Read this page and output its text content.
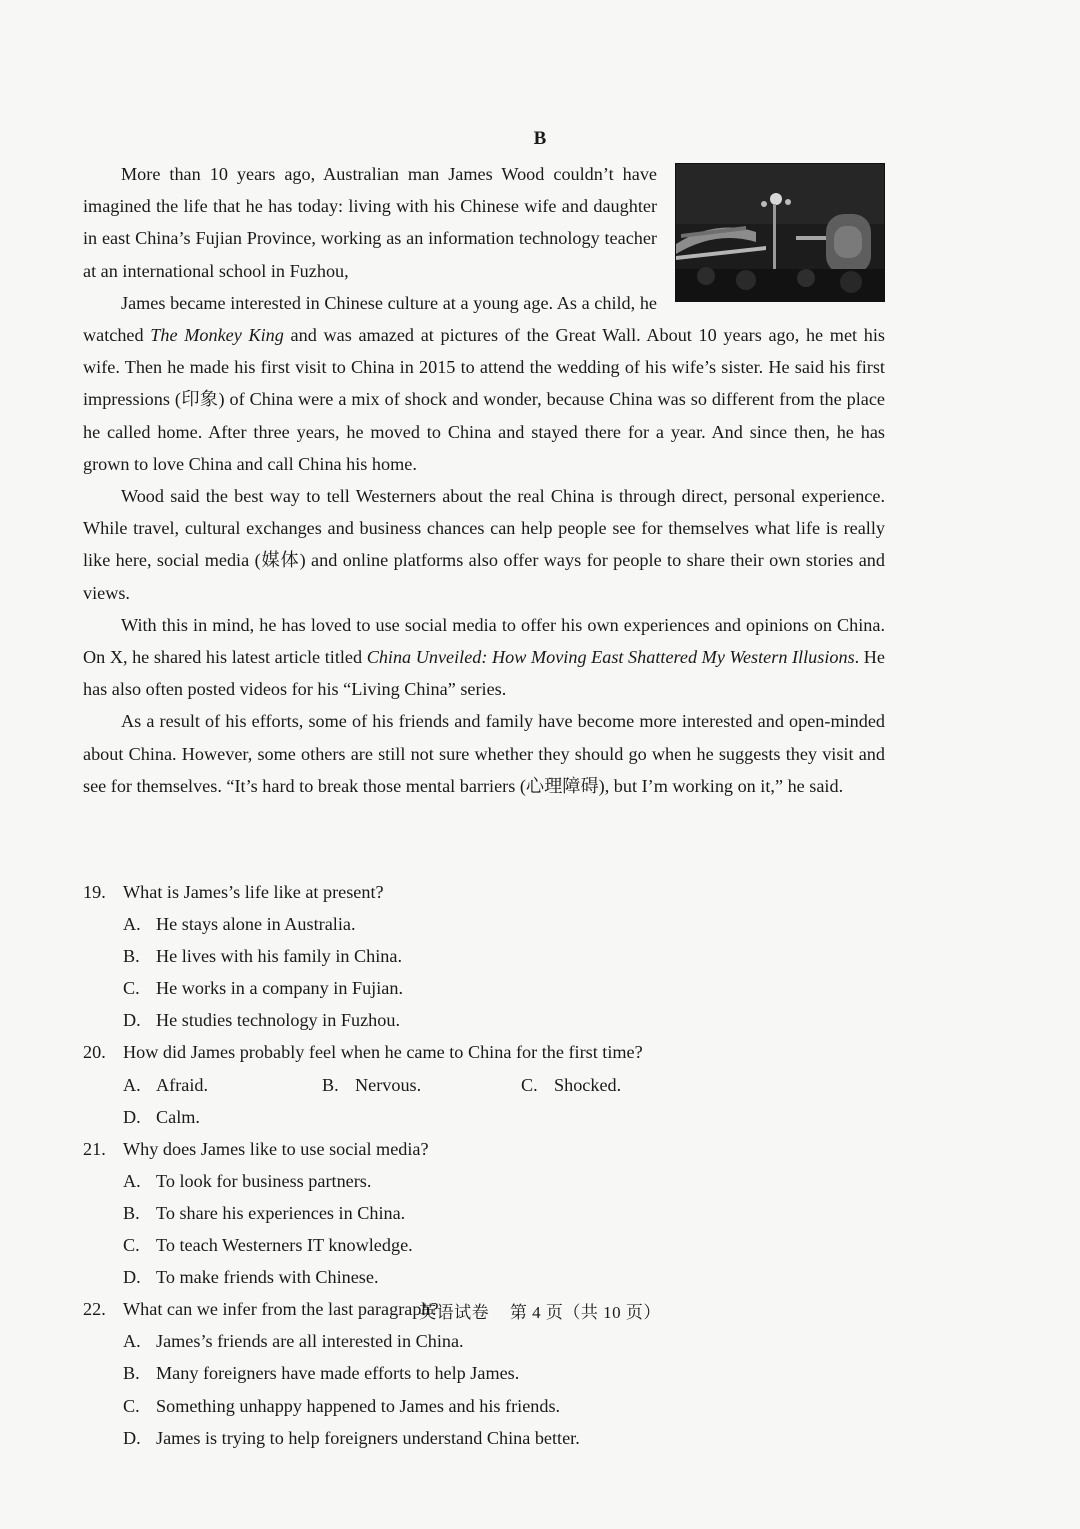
B

More than 10 years ago, Australian man James Wood couldn’t have imagined the life that he has today: living with his Chinese wife and daughter in east China’s Fujian Province, working as an information technology teacher at an international school in Fuzhou,

James became interested in Chinese culture at a young age. As a child, he watched The Monkey King and was amazed at pictures of the Great Wall. About 10 years ago, he met his wife. Then he made his first visit to China in 2015 to attend the wedding of his wife’s sister. He said his first impressions (印象) of China were a mix of shock and wonder, because China was so different from the place he called home. After three years, he moved to China and stayed there for a year. And since then, he has grown to love China and call China his home.

Wood said the best way to tell Westerners about the real China is through direct, personal experience. While travel, cultural exchanges and business chances can help people see for themselves what life is really like here, social media (媒体) and online platforms also offer ways for people to share their own stories and views.

With this in mind, he has loved to use social media to offer his own experiences and opinions on China. On X, he shared his latest article titled China Unveiled: How Moving East Shattered My Western Illusions. He has also often posted videos for his “Living China” series.

As a result of his efforts, some of his friends and family have become more interested and open-minded about China. However, some others are still not sure whether they should go when he suggests they visit and see for themselves. “It’s hard to break those mental barriers (心理障碍), but I’m working on it,” he said.

19. What is James’s life like at present?
A. He stays alone in Australia.
B. He lives with his family in China.
C. He works in a company in Fujian.
D. He studies technology in Fuzhou.
20. How did James probably feel when he came to China for the first time?
A. Afraid.	B. Nervous.	C. Shocked.
D. Calm.
21. Why does James like to use social media?
A. To look for business partners.
B. To share his experiences in China.
C. To teach Westerners IT knowledge.
D. To make friends with Chinese.
22. What can we infer from the last paragraph?
A. James’s friends are all interested in China.
B. Many foreigners have made efforts to help James.
C. Something unhappy happened to James and his friends.
D. James is trying to help foreigners understand China better.
英语试卷 第 4 页（共 10 页）
